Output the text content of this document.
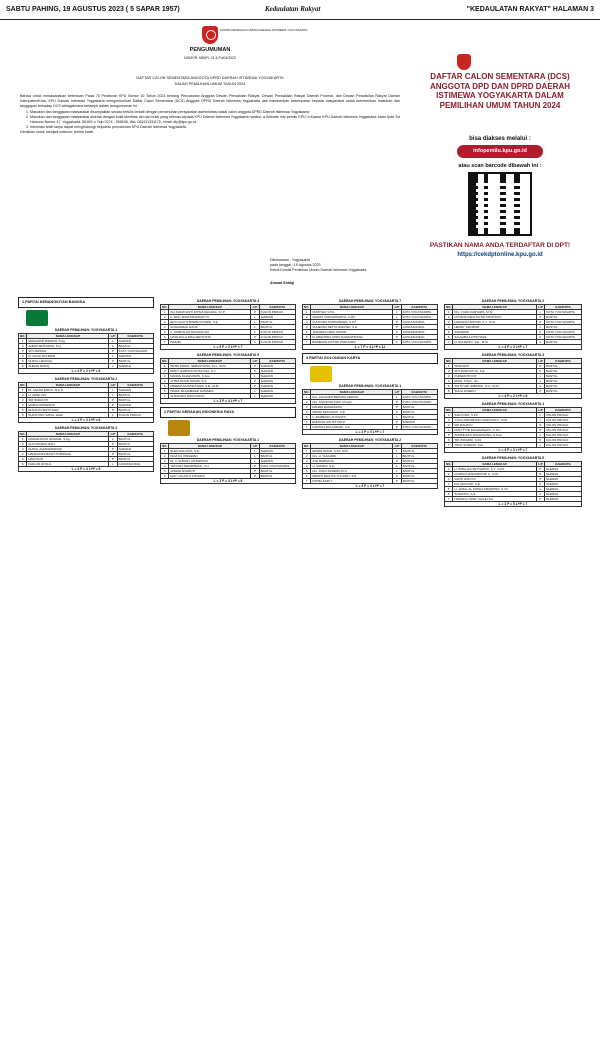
SABTU PAHING, 19 AGUSTUS 2023 ( 5 SAPAR 1957)	Kedaulatan Rakyat	"KEDAULATAN RAKYAT" HALAMAN 3
KOMISI PEMILIHAN UMUM DAERAH ISTIMEWA YOGYAKARTA
PENGUMUMAN
NOMOR: 685/PL.01.4-Pu/04/2023
DAFTAR CALON SEMENTARA ANGGOTA DPRD DAERAH ISTIMEWA YOGYAKARTA
DALAM PEMILIHAN UMUM TAHUN 2024

Bahwa untuk melaksanakan ketentuan Pasal 70 Peraturan KPU Nomor 10 Tahun 2023 tentang Pencalonan Anggota Dewan Perwakilan Rakyat, Dewan Perwakilan Rakyat Daerah Provinsi, dan Dewan Perwakilan Rakyat Daerah Kabupaten/Kota, KPU Daerah Istimewa Yogyakarta mengumumkan Daftar Calon Sementara (DCS) Anggota DPRD Daerah Istimewa Yogyakarta dan memberikan kesempatan kepada masyarakat untuk memberikan masukan dan tanggapan terhadap DCS sebagaimana terlampir dalam pengumuman ini.

1. Masukan dan tanggapan masyarakat disampaikan secara tertulis terkait dengan pemenuhan persyaratan administrasi bakal calon anggota DPRD Daerah Istimewa Yogyakarta;
2. Masukan dan tanggapan masyarakat disertai dengan bukti identitas diri dan bukti yang relevan kepada KPU Daerah Istimewa Yogyakarta melalui: a.Website info pemilu KPU; b.Kantor KPU Daerah Istimewa Yogyakarta Jalan Ipda Tut Harsono Nomor 47, Yogyakarta, 55165; c.Telp 0274 - 558036, WA: 081911331175, email: diy@kpu.go.id.
3. Informasi lebih lanjut dapat menghubungi helpdesk pencalonan KPU Daerah Istimewa Yogyakarta.

Demikian untuk menjadi maklum, terima kasih.

Dikeluarkan : Yogyakarta
pada tanggal : 19 Agustus 2023
Ketua Komisi Pemilihan Umum Daerah Istimewa Yogyakarta
Ahmad Shidqi
DAFTAR CALON SEMENTARA (DCS) ANGGOTA DPD DAN DPRD DAERAH ISTIMEWA YOGYAKARTA DALAM PEMILIHAN UMUM TAHUN 2024
bisa diakses melalui :
infopemilu.kpu.go.id
atau scan barcode dibawah ini :
PASTIKAN NAMA ANDA TERDAFTAR DI DPT!
https://cekdptonline.kpu.go.id
1 PARTAI KEBANGKITAN BANGSA
DAERAH PEMILIHAN: YOGYAKARTA 1
NO.	NAMA LENGKAP	L/P	KAB/KOTA
1	MOHAMAD RIDWAN, S.Ag	L	SLEMAN
2	ANDRI SETIAWAN, S.H.	L	BANTUL
3	SITI AMINAH	P	KOTA YOGYAKARTA
4	M. FAUZI ROHMAN	L	SLEMAN
5	NURUL HIDAYAH	P	BANTUL
6	AHMAD ROFIQ	L	SLEMAN
L = 4 P = 2 L+P = 6
DAERAH PEMILIHAN: YOGYAKARTA 2
NO.	NAMA LENGKAP	L/P	KAB/KOTA
1	Dr. ASLAM RIDLO, M.A.P.	L	SLEMAN
2	H. ARIEL KIN	L	BANTUL
3	SRI WIDAYATI	P	BANTUL
4	MARIA KRISWANTI	P	SLEMAN
5	RIANA PUSPITA SARI	P	BANTUL
6	SUGIYONO SAFUL HADI	L	KULON PROGO
L = 3 P = 3 L+P = 6
DAERAH PEMILIHAN: YOGYAKARTA 3
NO.	NAMA LENGKAP	L/P	KAB/KOTA
1	DAMARJOSIN NASAMA, S.Ag	L	BANTUL
2	ALIF MUZDALIFAH	P	BANTUL
3	NUNUL AHMAWARDANI	P	SLEMAN
4	HANDAYANI BASIT PURWANA	P	BANTUL
5	HARYANTI	P	BANTUL
6	FADLUR ROSUL	L	GUNUNGKIDUL
L = 2 P = 4 L+P = 6
DAERAH PEMILIHAN: YOGYAKARTA 4
NO.	NAMA LENGKAP	L/P	KAB/KOTA
1	IKA DAMAYANTI FATMA NEGARA, S.I.P	P	KULON PROGO
2	Ir. BAKI, BIMA PRAMANTYO	L	SLEMAN
3	EKO CAHYO BINDETOYARIE, S.E.	L	BANTUL
4	MUHAMMAD DAUS	L	BANTUL
5	Ir. HISBULLAH MUKHOLISH	L	KULON PROGO
6	NASIHOLLA DIKA SEPTIATIN	P	KULON PROGO
7	ISMUDI	L	KULON PROGO
L = 5 P = 2 L+P = 7
DAERAH PEMILIHAN: YOGYAKARTA 5
NO.	NAMA LENGKAP	L/P	KAB/KOTA
1	PETRI PRIMA, SEBASTIANA, S.H., M.Kn.	P	SLEMAN
2	RIZKY HARDIAN ROSLITHA, S.Y.	P	SLEMAN
3	DANNIL DHARUDDIN, S.Sos	L	SLEMAN
4	CITRA NOOR INSANI, S.A.	P	SLEMAN
5	FREEDA MUSTIKASARI, S.E., M.M.	P	SLEMAN
6	ISMAIL MUHAMMAD HUMAIRA	L	SLEMAN
7	ANGGORO DWI PONCO	L	SLEMAN
L = 3 P = 4 L+P = 7
2 PARTAI GERAKAN INDONESIA RAYA
DAERAH PEMILIHAN: YOGYAKARTA 1
NO.	NAMA LENGKAP	L/P	KAB/KOTA
1	BUDI WALJANA, S.E.	L	SLEMAN
2	DIAZ KU WIRAWAN	L	BANTUL
3	Dr. Ir. ALDANY UNTARIKSA	L	SLEMAN
4	YENYEN TERAMIDIAN, S.H.	P	KOTA YOGYAKARTA
5	ANWAR EVAROTI	P	BANTUL
6	EMY LAILATUL FITRIANI	P	BANTUL
L = 3 P = 3 L+P = 6
DAERAH PEMILIHAN: YOGYAKARTA 7
NO.	NAMA LENGKAP	L/P	KAB/KOTA
1	NURYADI, S.Pd.	L	KOTA YOGYAKARTA
2	DEWAS KURNIAWANTO, A.Md.	L	KOTA YOGYAKARTA
3	KUNTORO PUSPANDARI, S.Pd.	P	GUNUNGKIDUL
4	SUHENDA SETYA NINGSIH, S.E.	P	GUNUNGKIDUL
5	JANARDA ARDA SUKMA	P	GUNUNGKIDUL
6	FLORENTINA APRA SUWANTIRANA	P	GUNUNGKIDUL
7	BAMBANG KUSTRI PURNOMO	L	KOTA YOGYAKARTA
L = 7 P = 4 L+P = 11
4 PARTAI GOLONGAN KARYA
DAERAH PEMILIHAN: YOGYAKARTA 1
NO.	NAMA LENGKAP	L/P	KAB/KOTA
1	Drs. JOHANES BERANG KEDIAN	L	KOTA YOGYAKARTA
2	Dra. AGUSTINI INAS, M.Hum	P	KOTA YOGYAKARTA
3	RAHMA RAMADHANI	P	BANTUL
4	MIRNA SETIAWAN, S.Ip.	P	BANTUL
5	Ir. BAMBANG SUSANTO	L	BANTUL
6	ENDANG SULISTYANTI	P	SLEMAN
7	KARTIKA RULANDARI, S.E.	P	KOTA YOGYAKARTA
L = 2 P = 5 L+P = 7
DAERAH PEMILIHAN: YOGYAKARTA 2
NO.	NAMA LENGKAP	L/P	KAB/KOTA
1	ERWIN NIZAR, S.Pd, M.Si	L	BANTUL
2	Drs. H. SUHARDI	L	BANTUL
3	AYE BARNALIA	P	BANTUL
4	H. SUDADI, S.E.	L	BANTUL
5	Drs. JOKO JUMENO M.S.	L	BANTUL
6	FRESTI DEA TRI YULIARTI, S.P.	P	BANTUL
7	FATMA SARI T.	P	BANTUL
L = 4 P = 3 L+P = 7
DAERAH PEMILIHAN: YOGYAKARTA 2
NO.	NAMA LENGKAP	L/P	KAB/KOTA
1	Drs. YOHN KARYAWA, M.Si	L	KOTA YOGYAKARTA
2	NYOMAN DEVI PUTRI KRISTANTI	P	BANTUL
3	NARIANA LESTARI, S.T., M.Si.	P	KOTA YOGYAKARTA
4	HENRY SIANIPAR	L	BANTUL
5	SARWAINI	P	KOTA YOGYAKARTA
6	SALSABILA FITRI WAS	P	KOTA YOGYAKARTA
7	H. SUHARTO, S.E., M.Si.	L	BANTUL
L = 4 P = 3 L+P = 7
DAERAH PEMILIHAN: YOGYAKARTA 3
NO.	NAMA LENGKAP	L/P	KAB/KOTA
1	WINDARTI	P	BANTUL
2	SITI MARFIATUN, S.E.	P	BANTUL
3	PURWANTO DT.	L	BANTUL
4	RIZAL S.Sos., Ikn.	L	BANTUL
5	SINTO ARI WIBOWO, S.H., M.Kn	L	BANTUL
6	SULIA JOSEPH	P	BANTUL
L = 4 P = 2 L+P = 6
DAERAH PEMILIHAN: YOGYAKARTA 4
NO.	NAMA LENGKAP	L/P	KAB/KOTA
1	SARYONO, S.Pd	L	KULON PROGO
2	YOGA DWI RETNO HARIYANTO, S.Pd.	L	KULON PROGO
3	SRI RAHAYU	P	KULON PROGO
4	DIAN TYTE RACHMAWATI, S.Th.I.	P	KULON PROGO
5	ANDRE EKO WICAKSONO, S.Kom	L	KULON PROGO
6	TRI WINARNI, S.Pd.	P	KULON PROGO
7	JOKO SUSENO, S.E.	L	KULON PROGO
L = 4 P = 3 L+P = 7
DAERAH PEMILIHAN: YOGYAKARTA 5
NO.	NAMA LENGKAP	L/P	KAB/KOTA
1	H. WIDA ANI SETYAWATI, S.T., S.Pd.	P	SLEMAN
2	CORNUS DWIASPUTRI H. S.Pd.	P	SLEMAN
3	SANTI WIJOYO	P	SLEMAN
4	IAN HIDAYATI, S.E.	P	SLEMAN
5	H. JAMAL AL SOPHA PRAMONO, S.I.P.	L	SLEMAN
6	SUSANTO, S.S.	L	SLEMAN
7	HARSINI LINNE YHALEYSH	P	SLEMAN
L = 2 P = 5 L+P = 7
